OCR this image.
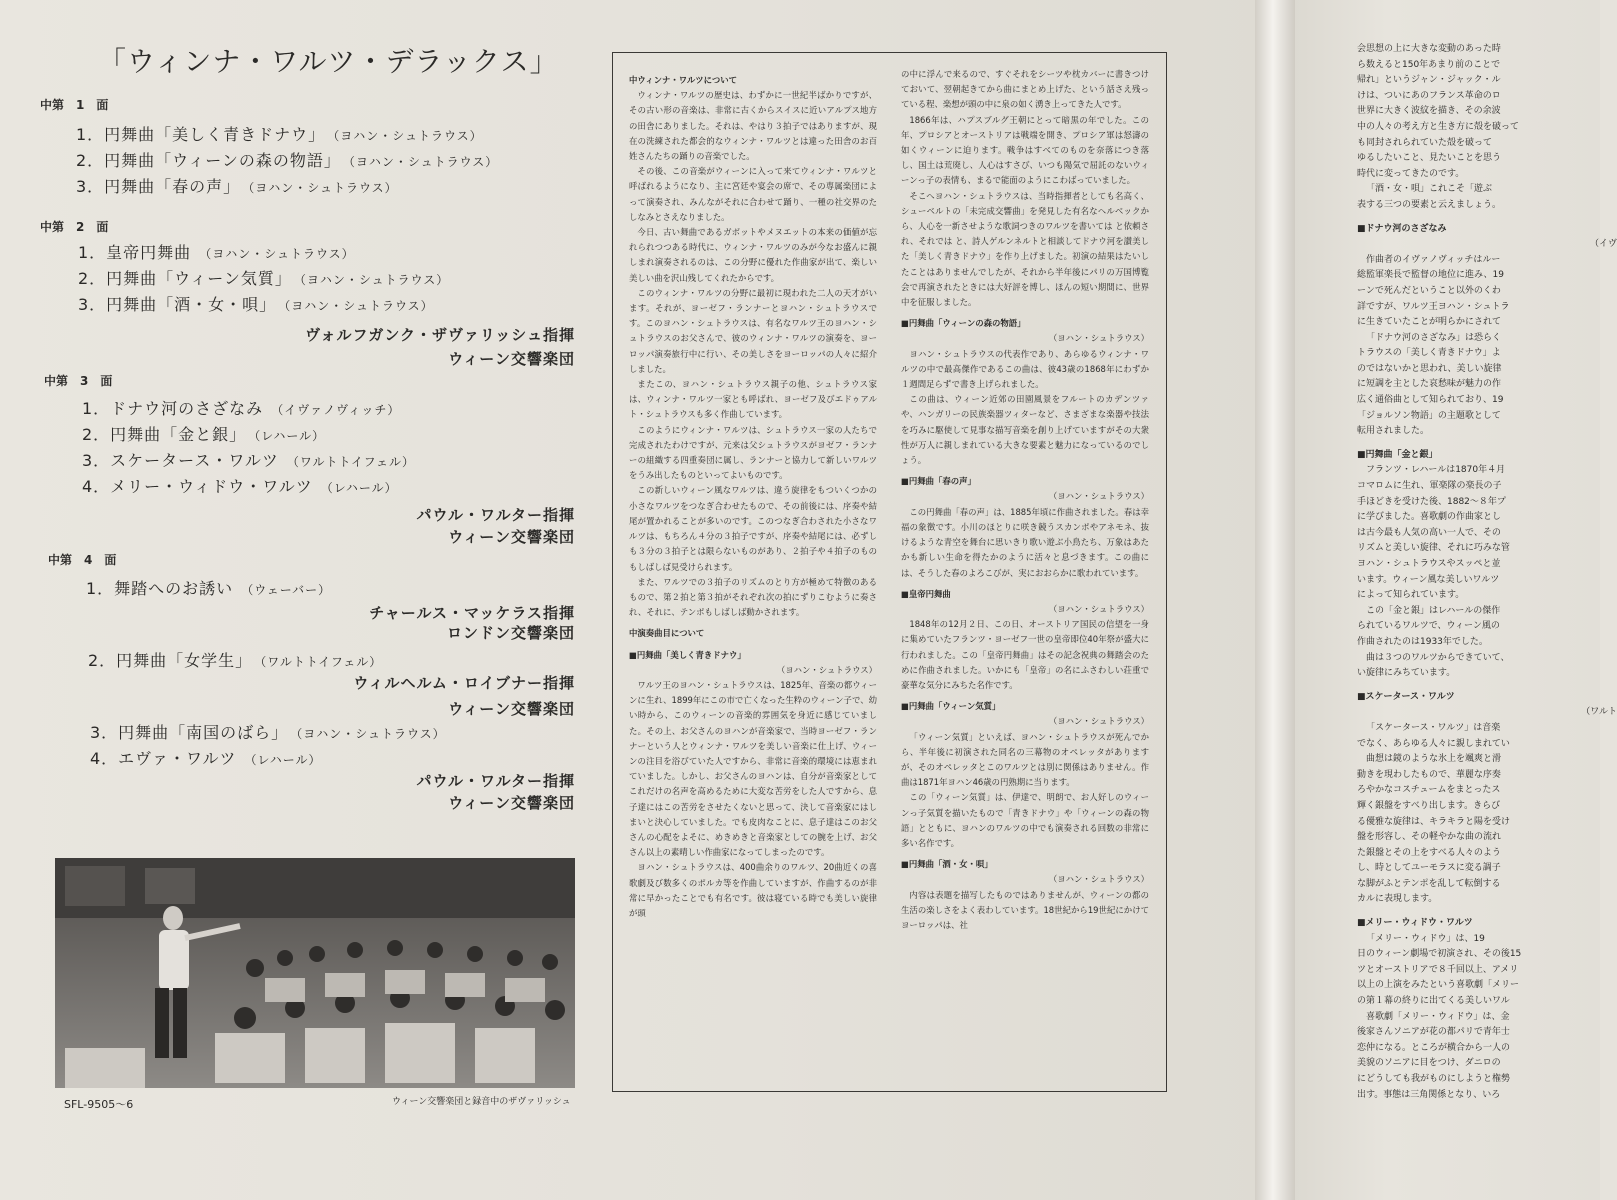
「ウィンナ・ワルツ・デラックス」
中第　1　面
1．円舞曲「美しく青きドナウ」 （ヨハン・シュトラウス）
2．円舞曲「ウィーンの森の物語」 （ヨハン・シュトラウス）
3．円舞曲「春の声」 （ヨハン・シュトラウス）
中第　2　面
1．皇帝円舞曲 （ヨハン・シュトラウス）
2．円舞曲「ウィーン気質」 （ヨハン・シュトラウス）
3．円舞曲「酒・女・唄」 （ヨハン・シュトラウス）
ヴォルフガンク・ザヴァリッシュ指揮
ウィーン交響楽団
中第　3　面
1．ドナウ河のさざなみ （イヴァノヴィッチ）
2．円舞曲「金と銀」 （レハール）
3．スケータース・ワルツ （ワルトトイフェル）
4．メリー・ウィドウ・ワルツ （レハール）
パウル・ワルター指揮
ウィーン交響楽団
中第　4　面
1．舞踏へのお誘い （ウェーバー）
チャールス・マッケラス指揮
ロンドン交響楽団
2．円舞曲「女学生」 （ワルトトイフェル）
ウィルヘルム・ロイブナー指揮
ウィーン交響楽団
3．円舞曲「南国のばら」 （ヨハン・シュトラウス）
4．エヴァ・ワルツ （レハール）
パウル・ワルター指揮
ウィーン交響楽団
ウィーン交響楽団と録音中のザヴァリッシュ
SFL-9505～6

中ウィンナ・ワルツについて

ウィンナ・ワルツの歴史は、わずかに一世紀半ばかりですが、その古い形の音楽は、非常に古くからスイスに近いアルプス地方の田舎にありました。それは、やはり３拍子ではありますが、現在の洗練された都会的なウィンナ・ワルツとは違った田舎のお百姓さんたちの踊りの音楽でした。

その後、この音楽がウィーンに入って来てウィンナ・ワルツと呼ばれるようになり、主に宮廷や宴会の席で、その専属楽団によって演奏され、みんながそれに合わせて踊り、一種の社交界のたしなみとさえなりました。

今日、古い舞曲であるガボットやメヌエットの本来の価値が忘れられつつある時代に、ウィンナ・ワルツのみが今なお盛んに親しまれ演奏されるのは、この分野に優れた作曲家が出て、楽しい美しい曲を沢山残してくれたからです。

このウィンナ・ワルツの分野に最初に現われた二人の天才がいます。それが、ヨーゼフ・ランナーとヨハン・シュトラウスです。このヨハン・シュトラウスは、有名なワルツ王のヨハン・シュトラウスのお父さんで、彼のウィンナ・ワルツの演奏を、ヨーロッパ演奏旅行中に行い、その美しさをヨーロッパの人々に紹介しました。

またこの、ヨハン・シュトラウス親子の他、シュトラウス家は、ウィンナ・ワルツ一家とも呼ばれ、ヨーゼフ及びエドゥアルト・シュトラウスも多く作曲しています。

このようにウィンナ・ワルツは、シュトラウス一家の人たちで完成されたわけですが、元来は父シュトラウスがヨゼフ・ランナーの組織する四重奏団に属し、ランナーと協力して新しいワルツをうみ出したものといってよいものです。

この新しいウィーン風なワルツは、違う旋律をもついくつかの小さなワルツをつなぎ合わせたもので、その前後には、序奏や結尾が置かれることが多いのです。このつなぎ合わされた小さなワルツは、もちろん４分の３拍子ですが、序奏や結尾には、必ずしも３分の３拍子とは限らないものがあり、２拍子や４拍子のものもしばしば見受けられます。

また、ワルツでの３拍子のリズムのとり方が極めて特徴のあるもので、第２拍と第３拍がそれぞれ次の拍にずりこむように奏され、それに、テンポもしばしば動かされます。

中演奏曲目について

■円舞曲「美しく青きドナウ」

（ヨハン・シュトラウス）

ワルツ王のヨハン・シュトラウスは、1825年、音楽の都ウィーンに生れ、1899年にこの市で亡くなった生粋のウィーン子で、幼い時から、このウィーンの音楽的雰囲気を身近に感じていました。その上、お父さんのヨハンが音楽家で、当時ヨーゼフ・ランナーという人とウィンナ・ワルツを美しい音楽に仕上げ、ウィーンの注目を浴びていた人ですから、非常に音楽的環境には恵まれていました。しかし、お父さんのヨハンは、自分が音楽家としてこれだけの名声を高めるために大変な苦労をした人ですから、息子達にはこの苦労をさせたくないと思って、決して音楽家にはしまいと決心していました。でも皮肉なことに、息子達はこのお父さんの心配をよそに、めきめきと音楽家としての腕を上げ、お父さん以上の素晴しい作曲家になってしまったのです。

ヨハン・シュトラウスは、400曲余りのワルツ、20曲近くの喜歌劇及び数多くのポルカ等を作曲していますが、作曲するのが非常に早かったことでも有名です。彼は寝ている時でも美しい旋律が頭

の中に浮んで来るので、すぐそれをシーツや枕カバーに書きつけておいて、翌朝起きてから曲にまとめ上げた、という話さえ残っている程、楽想が頭の中に泉の如く湧き上ってきた人です。

1866年は、ハプスブルグ王朝にとって暗黒の年でした。この年、プロシアとオーストリアは戦端を開き、プロシア軍は怒濤の如くウィーンに迫ります。戦争はすべてのものを奈落につき落し、国土は荒廃し、人心はすさび、いつも陽気で屈託のないウィーンっ子の表情も、まるで能面のようにこわばっていました。

そこへヨハン・シュトラウスは、当時指揮者としても名高く、シューベルトの「未完成交響曲」を発見した有名なヘルベックから、人心を一新させような歌詞つきのワルツを書いては と依頼され、それでは と、詩人ゲルンネルトと相談してドナウ河を讃美した「美しく青きドナウ」を作り上げました。初演の結果はたいしたことはありませんでしたが、それから半年後にパリの万国博覧会で再演されたときには大好評を博し、ほんの短い期間に、世界中を征服しました。

■円舞曲「ウィーンの森の物語」

（ヨハン・シュトラウス）

ヨハン・シュトラウスの代表作であり、あらゆるウィンナ・ワルツの中で最高傑作であるこの曲は、彼43歳の1868年にわずか１週間足らずで書き上げられました。

この曲は、ウィーン近郊の田園風景をフルートのカデンツァや、ハンガリーの民族楽器ツィターなど、さまざまな楽器や技法を巧みに駆使して見事な描写音楽を創り上げていますがその大衆性が万人に親しまれている大きな要素と魅力になっているのでしょう。

■円舞曲「春の声」

（ヨハン・シュトラウス）

この円舞曲「春の声」は、1885年頃に作曲されました。春は幸福の象徴です。小川のほとりに咲き競うスカンポやアネモネ、抜けるような青空を舞台に思いきり歌い遊ぶ小鳥たち、万象はあたかも新しい生命を得たかのように活々と息づきます。この曲には、そうした春のよろこびが、実におおらかに歌われています。

■皇帝円舞曲

（ヨハン・シュトラウス）

1848年の12月２日、この日、オーストリア国民の信望を一身に集めていたフランツ・ヨーゼフ一世の皇帝即位40年祭が盛大に行われました。この「皇帝円舞曲」はその記念祝典の舞踏会のために作曲されました。いかにも「皇帝」の名にふさわしい荘重で豪華な気分にみちた名作です。

■円舞曲「ウィーン気質」

（ヨハン・シュトラウス）

「ウィーン気質」といえば、ヨハン・シュトラウスが死んでから、半年後に初演された同名の三幕物のオペレッタがありますが、そのオペレッタとこのワルツとは別に関係はありません。作曲は1871年ヨハン46歳の円熟期に当ります。

この「ウィーン気質」は、伊達で、明朗で、お人好しのウィーンっ子気質を描いたもので「青きドナウ」や「ウィーンの森の物語」とともに、ヨハンのワルツの中でも演奏される回数の非常に多い名作です。

■円舞曲「酒・女・唄」

（ヨハン・シュトラウス）

内容は表題を描写したものではありませんが、ウィーンの都の生活の楽しさをよく表わしています。18世紀から19世紀にかけてヨーロッパは、社

会思想の上に大きな変動のあった時

ら数えると150年あまり前のことで

帰れ」というジャン・ジャック・ル

けは、ついにあのフランス革命のロ

世界に大きく波紋を描き、その余波

中の人々の考え方と生き方に殻を破って

も同封されられていた殻を破って

ゆるしたいこと、見たいことを思う

時代に変ってきたのです。

「酒・女・唄」これこそ「遊ぶ

表する三つの要素と云えましょう。

■ドナウ河のさざなみ

（イヴ

作曲者のイヴァノヴィッチはルー

総監軍楽長で監督の地位に進み、19

ーンで死んだということ以外のくわ

詳ですが、ワルツ王ヨハン・シュトラ

に生きていたことが明らかにされて

「ドナウ河のさざなみ」は恐らく

トラウスの「美しく青きドナウ」よ

のではないかと思われ、美しい旋律

に短調を主とした哀愁味が魅力の作

広く通俗曲として知られており、19

「ジョルソン物語」の主題歌として

転用されました。

■円舞曲「金と銀」

フランツ・レハールは1870年４月

コマロムに生れ、軍楽隊の楽長の子

手ほどきを受けた後、1882～８年プ

に学びました。喜歌劇の作曲家とし

は古今最も人気の高い一人で、その

リズムと美しい旋律、それに巧みな管

ヨハン・シュトラウスやスッペと並

います。ウィーン風な美しいワルツ

によって知られています。

この「金と銀」はレハールの傑作

られているワルツで、ウィーン風の

作曲されたのは1933年でした。

曲は３つのワルツからできていて、

い旋律にみちています。

■スケータース・ワルツ

（ワルト

「スケータース・ワルツ」は音楽

でなく、あらゆる人々に親しまれてい

曲想は鏡のような氷上を颯爽と滑

動きを現わしたもので、華麗な序奏

ろやかなコスチュームをまとったス

輝く銀盤をすべり出します。きらび

る優雅な旋律は、キラキラと陽を受け

盤を形容し、その軽やかな曲の流れ

た銀盤とその上をすべる人々のよう

し、時としてユーモラスに変る調子

な脚がふとテンポを乱して転倒する

カルに表現します。

■メリー・ウィドウ・ワルツ

「メリー・ウィドウ」は、19

日のウィーン劇場で初演され、その後15

ツとオーストリアで８千回以上、アメリ

以上の上演をみたという喜歌劇「メリー

の第１幕の終りに出てくる美しいワル

喜歌劇「メリー・ウィドウ」は、金

後家さんソニアが花の都パリで青年士

恋仲になる。ところが横合から一人の

美貌のソニアに目をつけ、ダニロの

にどうしても我がものにしようと権勢

出す。事態は三角関係となり、いろ
